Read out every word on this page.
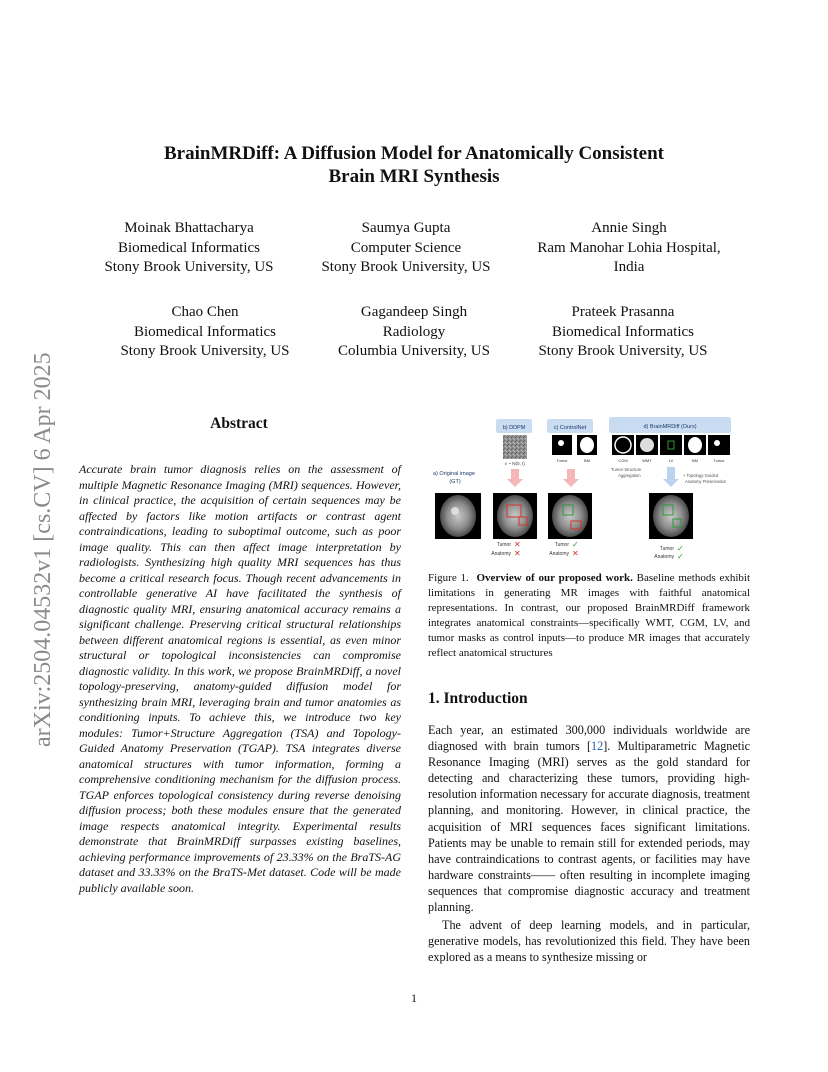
arXiv:2504.04532v1 [cs.CV] 6 Apr 2025
BrainMRDiff: A Diffusion Model for Anatomically Consistent
Brain MRI Synthesis
Moinak Bhattacharya
Biomedical Informatics
Stony Brook University, US
Saumya Gupta
Computer Science
Stony Brook University, US
Annie Singh
Ram Manohar Lohia Hospital,
India
Chao Chen
Biomedical Informatics
Stony Brook University, US
Gagandeep Singh
Radiology
Columbia University, US
Prateek Prasanna
Biomedical Informatics
Stony Brook University, US
Abstract

Accurate brain tumor diagnosis relies on the assessment of multiple Magnetic Resonance Imaging (MRI) sequences. However, in clinical practice, the acquisition of certain sequences may be affected by factors like motion artifacts or contrast agent contraindications, leading to suboptimal outcome, such as poor image quality. This can then affect image interpretation by radiologists. Synthesizing high quality MRI sequences has thus become a critical research focus. Though recent advancements in controllable generative AI have facilitated the synthesis of diagnostic quality MRI, ensuring anatomical accuracy remains a significant challenge. Preserving critical structural relationships between different anatomical regions is essential, as even minor structural or topological inconsistencies can compromise diagnostic validity. In this work, we propose BrainMRDiff, a novel topology-preserving, anatomy-guided diffusion model for synthesizing brain MRI, leveraging brain and tumor anatomies as conditioning inputs. To achieve this, we introduce two key modules: Tumor+Structure Aggregation (TSA) and Topology-Guided Anatomy Preservation (TGAP). TSA integrates diverse anatomical structures with tumor information, forming a comprehensive conditioning mechanism for the diffusion process. TGAP enforces topological consistency during reverse denoising diffusion process; both these modules ensure that the generated image respects anatomical integrity. Experimental results demonstrate that BrainMRDiff surpasses existing baselines, achieving performance improvements of 23.33% on the BraTS-AG dataset and 33.33% on the BraTS-Met dataset. Code will be made publicly available soon.

b) DDPM	c) ControlNet	d) BrainMRDiff (Ours)
a) Original image
(GT)
ε ~ N(0, I)
Tumor	BM	CGM	WMT	LV	BM	Tumor
Tumor-Structure
Aggregation	+ Topology-Guided
Anatomy Preservation
Tumor ✕
Anatomy ✕
Tumor ✓
Anatomy ✕	Tumor ✓
Anatomy ✓

Figure 1. Overview of our proposed work. Baseline methods exhibit limitations in generating MR images with faithful anatomical representations. In contrast, our proposed BrainMRDiff framework integrates anatomical constraints—specifically WMT, CGM, LV, and tumor masks as control inputs—to produce MR images that accurately reflect anatomical structures

1. Introduction

Each year, an estimated 300,000 individuals worldwide are diagnosed with brain tumors [12]. Multiparametric Magnetic Resonance Imaging (MRI) serves as the gold standard for detecting and characterizing these tumors, providing high-resolution information necessary for accurate diagnosis, treatment planning, and monitoring. However, in clinical practice, the acquisition of MRI sequences faces significant limitations. Patients may be unable to remain still for extended periods, may have contraindications to contrast agents, or facilities may have hardware constraints—— often resulting in incomplete imaging sequences that compromise diagnostic accuracy and treatment planning.

The advent of deep learning models, and in particular, generative models, has revolutionized this field. They have been explored as a means to synthesize missing or

1
